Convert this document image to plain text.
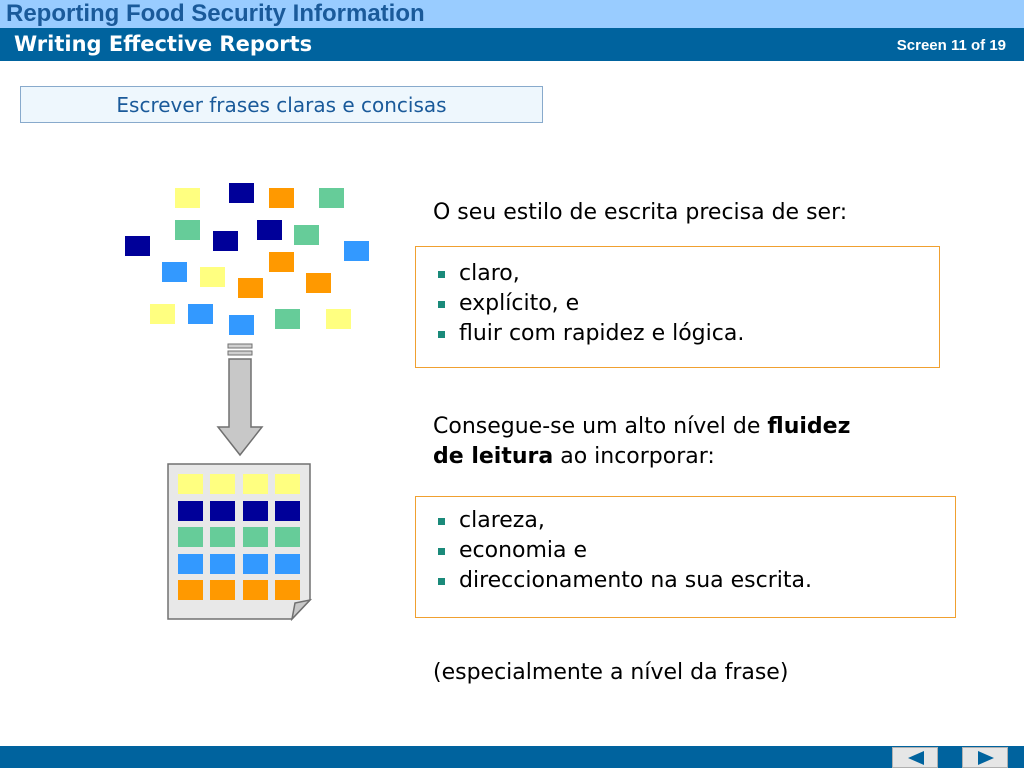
Reporting Food Security Information
Writing Effective Reports	Screen 11 of 19
Escrever frases claras e concisas
O seu estilo de escrita precisa de ser:
claro,
explícito, e
fluir com rapidez e lógica.
Consegue-se um alto nível de fluidez
de leitura ao incorporar:
clareza,
economia e
direccionamento na sua escrita.
(especialmente a nível da frase)
